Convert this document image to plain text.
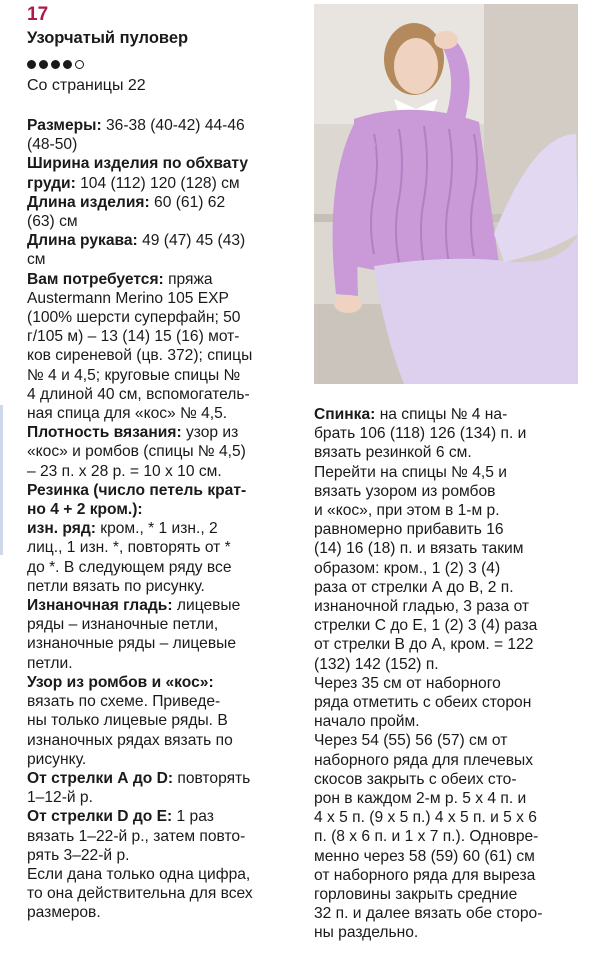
17
Узорчатый пуловер
Со страницы 22

Размеры: 36-38 (40-42) 44-46
(48-50)

Ширина изделия по обхвату
груди: 104 (112) 120 (128) см

Длина изделия: 60 (61) 62
(63) см

Длина рукава: 49 (47) 45 (43)
см

Вам потребуется: пряжа
Austermann Merino 105 EXP
(100% шерсти суперфайн; 50
г/105 м) – 13 (14) 15 (16) мот-
ков сиреневой (цв. 372); спицы
№ 4 и 4,5; круговые спицы №
4 длиной 40 см, вспомогатель-
ная спица для «кос» № 4,5.

Плотность вязания: узор из
«кос» и ромбов (спицы № 4,5)
– 23 п. х 28 р. = 10 х 10 см.

Резинка (число петель крат-
но 4 + 2 кром.):

изн. ряд: кром., * 1 изн., 2
лиц., 1 изн. *, повторять от *
до *. В следующем ряду все
петли вязать по рисунку.

Изнаночная гладь: лицевые
ряды – изнаночные петли,
изнаночные ряды – лицевые
петли.

Узор из ромбов и «кос»:
вязать по схеме. Приведе-
ны только лицевые ряды. В
изнаночных рядах вязать по
рисунку.

От стрелки А до D: повторять
1–12-й р.

От стрелки D до Е: 1 раз
вязать 1–22-й р., затем повто-
рять 3–22-й р.

Если дана только одна цифра,
то она действительна для всех
размеров.

Спинка: на спицы № 4 на-
брать 106 (118) 126 (134) п. и
вязать резинкой 6 см.
Перейти на спицы № 4,5 и
вязать узором из ромбов
и «кос», при этом в 1-м р.
равномерно прибавить 16
(14) 16 (18) п. и вязать таким
образом: кром., 1 (2) 3 (4)
раза от стрелки А до В, 2 п.
изнаночной гладью, 3 раза от
стрелки С до Е, 1 (2) 3 (4) раза
от стрелки В до А, кром. = 122
(132) 142 (152) п.
Через 35 см от наборного
ряда отметить с обеих сторон
начало пройм.
Через 54 (55) 56 (57) см от
наборного ряда для плечевых
скосов закрыть с обеих сто-
рон в каждом 2-м р. 5 х 4 п. и
4 х 5 п. (9 х 5 п.) 4 х 5 п. и 5 х 6
п. (8 х 6 п. и 1 х 7 п.). Одновре-
менно через 58 (59) 60 (61) см
от наборного ряда для выреза
горловины закрыть средние
32 п. и далее вязать обе сторо-
ны раздельно.
